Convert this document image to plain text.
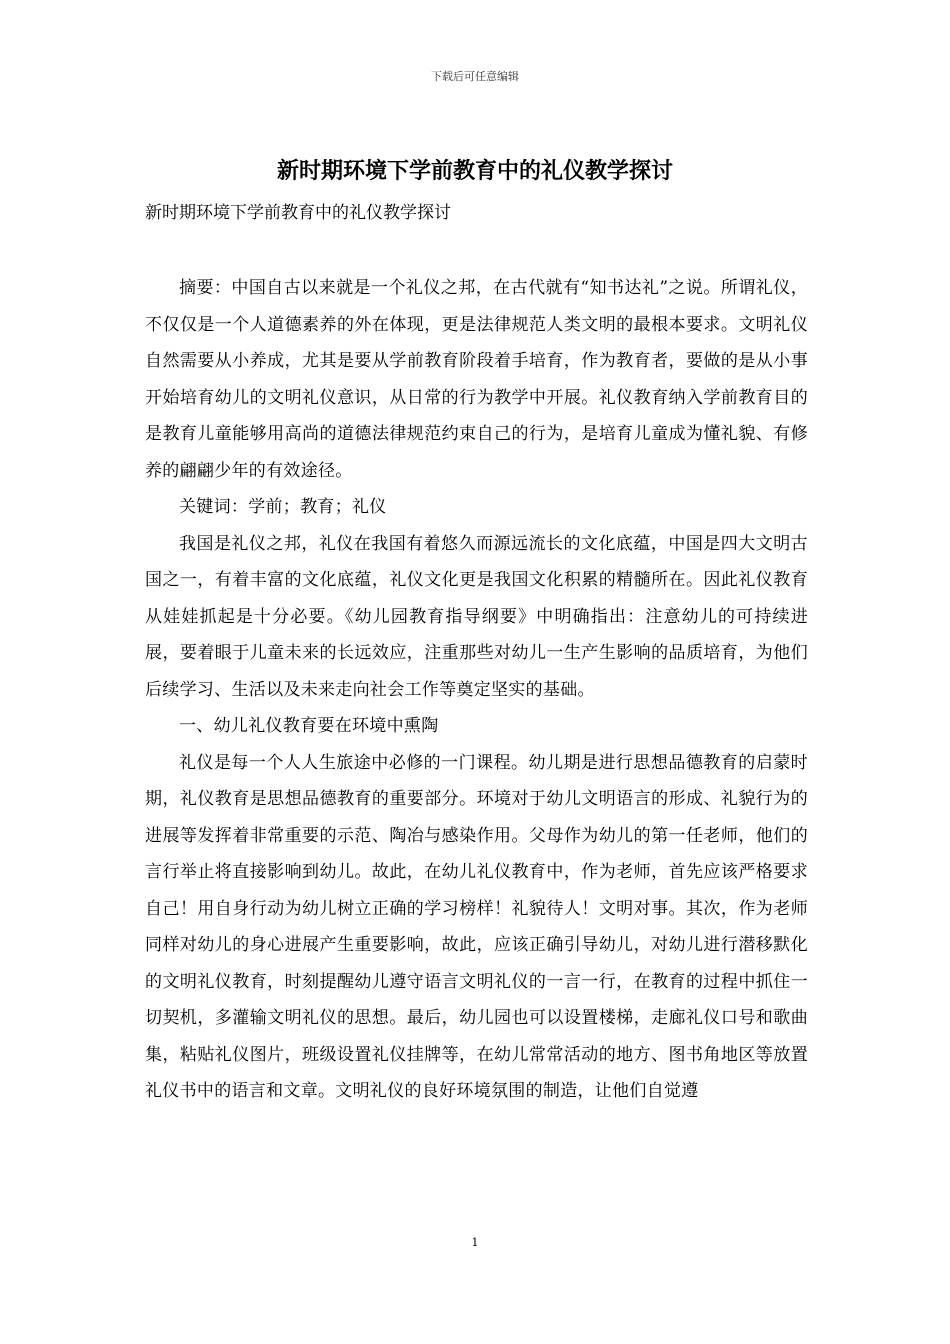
下载后可任意编辑
新时期环境下学前教育中的礼仪教学探讨
新时期环境下学前教育中的礼仪教学探讨

摘要：中国自古以来就是一个礼仪之邦，在古代就有“知书达礼”之说。所谓礼仪，不仅仅是一个人道德素养的外在体现，更是法律规范人类文明的最根本要求。文明礼仪自然需要从小养成，尤其是要从学前教育阶段着手培育，作为教育者，要做的是从小事开始培育幼儿的文明礼仪意识，从日常的行为教学中开展。礼仪教育纳入学前教育目的是教育儿童能够用高尚的道德法律规范约束自己的行为，是培育儿童成为懂礼貌、有修养的翩翩少年的有效途径。

关键词：学前；教育；礼仪

我国是礼仪之邦，礼仪在我国有着悠久而源远流长的文化底蕴，中国是四大文明古国之一，有着丰富的文化底蕴，礼仪文化更是我国文化积累的精髓所在。因此礼仪教育从娃娃抓起是十分必要。《幼儿园教育指导纲要》中明确指出：注意幼儿的可持续进展，要着眼于儿童未来的长远效应，注重那些对幼儿一生产生影响的品质培育，为他们后续学习、生活以及未来走向社会工作等奠定坚实的基础。

一、幼儿礼仪教育要在环境中熏陶

礼仪是每一个人人生旅途中必修的一门课程。幼儿期是进行思想品德教育的启蒙时期，礼仪教育是思想品德教育的重要部分。环境对于幼儿文明语言的形成、礼貌行为的进展等发挥着非常重要的示范、陶冶与感染作用。父母作为幼儿的第一任老师，他们的言行举止将直接影响到幼儿。故此，在幼儿礼仪教育中，作为老师，首先应该严格要求自己！用自身行动为幼儿树立正确的学习榜样！礼貌待人！文明对事。其次，作为老师同样对幼儿的身心进展产生重要影响，故此，应该正确引导幼儿，对幼儿进行潜移默化的文明礼仪教育，时刻提醒幼儿遵守语言文明礼仪的一言一行，在教育的过程中抓住一切契机，多灌输文明礼仪的思想。最后，幼儿园也可以设置楼梯，走廊礼仪口号和歌曲集，粘贴礼仪图片，班级设置礼仪挂牌等，在幼儿常常活动的地方、图书角地区等放置礼仪书中的语言和文章。文明礼仪的良好环境氛围的制造，让他们自觉遵

1
